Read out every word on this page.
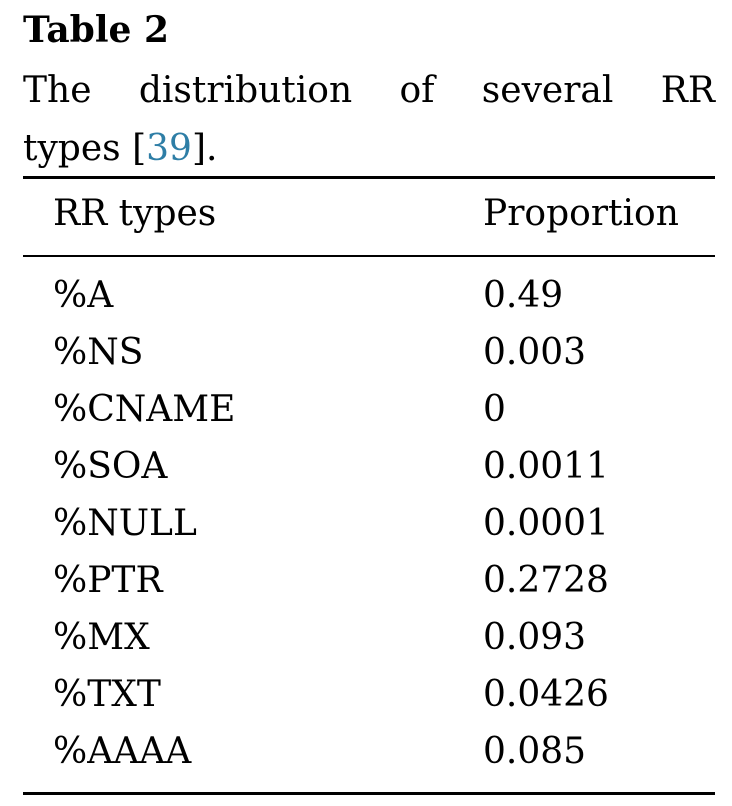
Table 2
The distribution of several RR
types [39].
RR types	Proportion
%A	0.49
%NS	0.003
%CNAME	0
%SOA	0.0011
%NULL	0.0001
%PTR	0.2728
%MX	0.093
%TXT	0.0426
%AAAA	0.085
